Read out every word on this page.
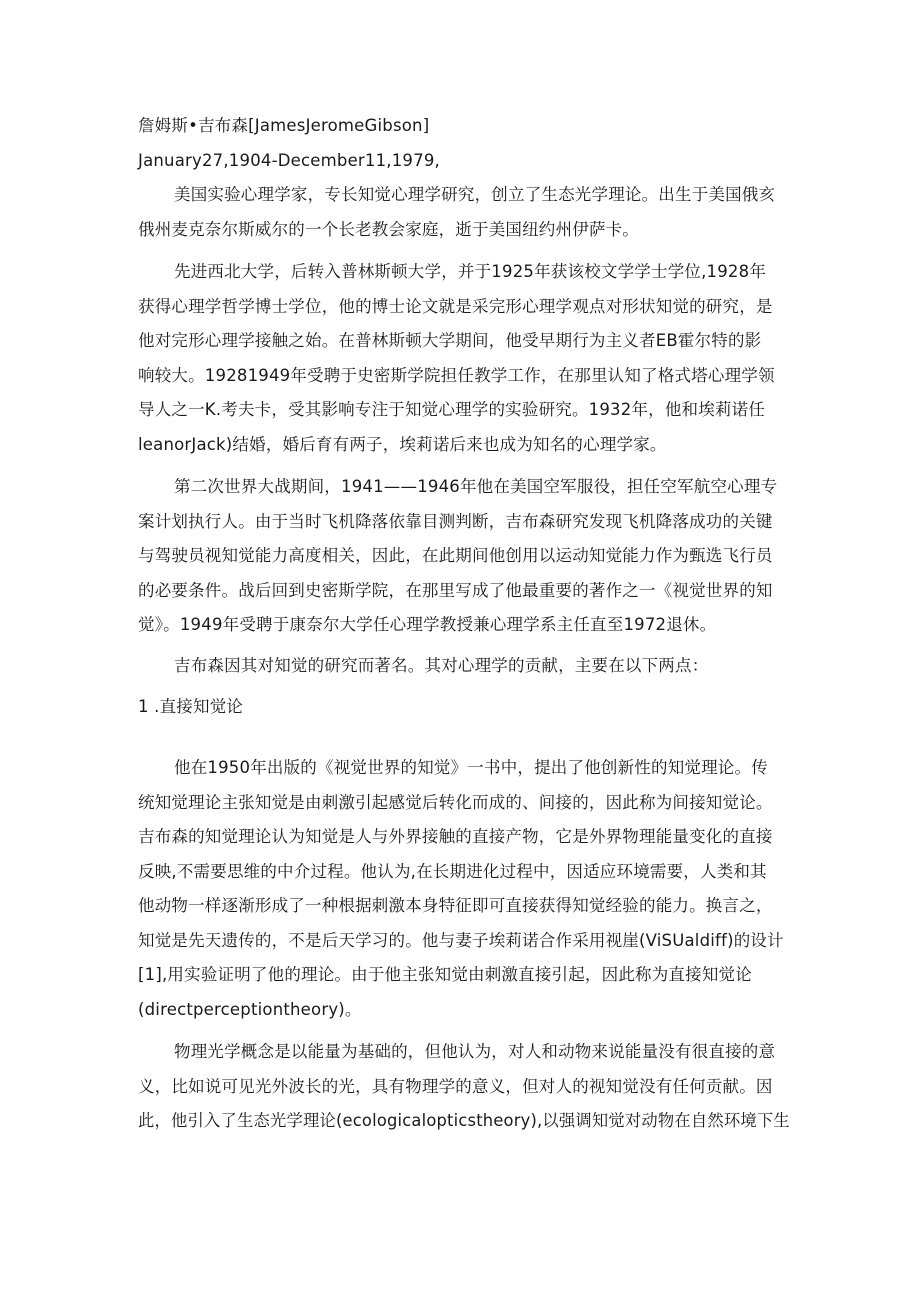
詹姆斯•吉布森[JamesJeromeGibson]
January27,1904-December11,1979,
美国实验心理学家，专长知觉心理学研究，创立了生态光学理论。出生于美国俄亥
俄州麦克奈尔斯威尔的一个长老教会家庭，逝于美国纽约州伊萨卡。
先进西北大学，后转入普林斯顿大学，并于1925年获该校文学学士学位,1928年
获得心理学哲学博士学位，他的博士论文就是采完形心理学观点对形状知觉的研究，是
他对完形心理学接触之始。在普林斯顿大学期间，他受早期行为主义者EB霍尔特的影
响较大。19281949年受聘于史密斯学院担任教学工作，在那里认知了格式塔心理学领
导人之一K.考夫卡，受其影响专注于知觉心理学的实验研究。1932年，他和埃莉诺任
leanorJack)结婚，婚后育有两子，埃莉诺后来也成为知名的心理学家。
第二次世界大战期间，1941——1946年他在美国空军服役，担任空军航空心理专
案计划执行人。由于当时飞机降落依靠目测判断，吉布森研究发现飞机降落成功的关键
与驾驶员视知觉能力高度相关，因此，在此期间他创用以运动知觉能力作为甄选飞行员
的必要条件。战后回到史密斯学院，在那里写成了他最重要的著作之一《视觉世界的知
觉》。1949年受聘于康奈尔大学任心理学教授兼心理学系主任直至1972退休。
吉布森因其对知觉的研究而著名。其对心理学的贡献，主要在以下两点：
1 .直接知觉论
他在1950年出版的《视觉世界的知觉》一书中，提出了他创新性的知觉理论。传
统知觉理论主张知觉是由刺激引起感觉后转化而成的、间接的，因此称为间接知觉论。
吉布森的知觉理论认为知觉是人与外界接触的直接产物，它是外界物理能量变化的直接
反映,不需要思维的中介过程。他认为,在长期进化过程中，因适应环境需要，人类和其
他动物一样逐渐形成了一种根据刺激本身特征即可直接获得知觉经验的能力。换言之，
知觉是先天遗传的，不是后天学习的。他与妻子埃莉诺合作采用视崖(ViSUaldiff)的设计
[1],用实验证明了他的理论。由于他主张知觉由刺激直接引起，因此称为直接知觉论
(directperceptiontheory)。
物理光学概念是以能量为基础的，但他认为，对人和动物来说能量没有很直接的意
义，比如说可见光外波长的光，具有物理学的意义，但对人的视知觉没有任何贡献。因
此，他引入了生态光学理论(ecologicalopticstheory),以强调知觉对动物在自然环境下生
